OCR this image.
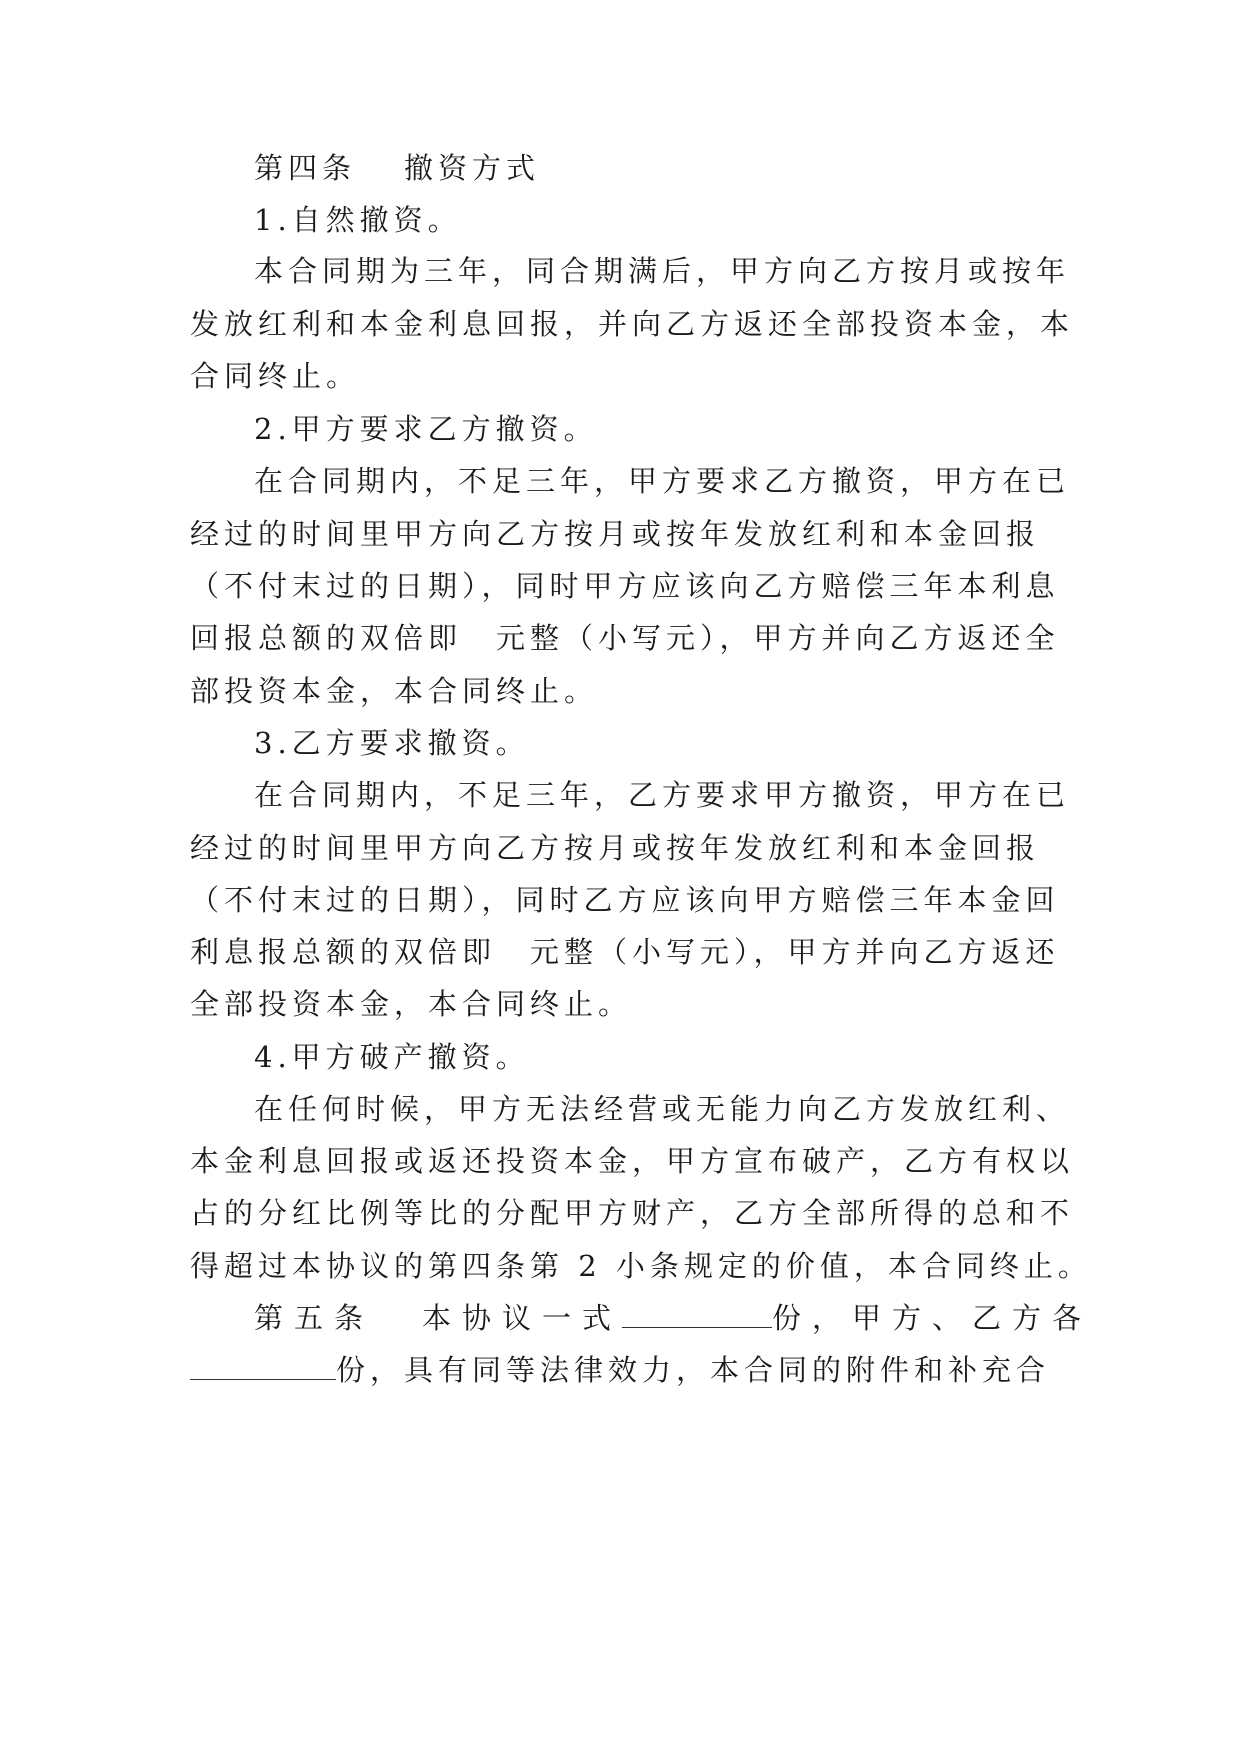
第四条 撤资方式
1.自然撤资。
本合同期为三年，同合期满后，甲方向乙方按月或按年
发放红利和本金利息回报，并向乙方返还全部投资本金，本
合同终止。
2.甲方要求乙方撤资。
在合同期内，不足三年，甲方要求乙方撤资，甲方在已
经过的时间里甲方向乙方按月或按年发放红利和本金回报
（不付末过的日期），同时甲方应该向乙方赔偿三年本利息
回报总额的双倍即　元整（小写元），甲方并向乙方返还全
部投资本金，本合同终止。
3.乙方要求撤资。
在合同期内，不足三年，乙方要求甲方撤资，甲方在已
经过的时间里甲方向乙方按月或按年发放红利和本金回报
（不付末过的日期），同时乙方应该向甲方赔偿三年本金回
利息报总额的双倍即　元整（小写元），甲方并向乙方返还
全部投资本金，本合同终止。
4.甲方破产撤资。
在任何时候，甲方无法经营或无能力向乙方发放红利、
本金利息回报或返还投资本金，甲方宣布破产，乙方有权以
占的分红比例等比的分配甲方财产，乙方全部所得的总和不
得超过本协议的第四条第 2 小条规定的价值，本合同终止。
第五条 本协议一式	份，甲方、乙方各
份，具有同等法律效力，本合同的附件和补充合
